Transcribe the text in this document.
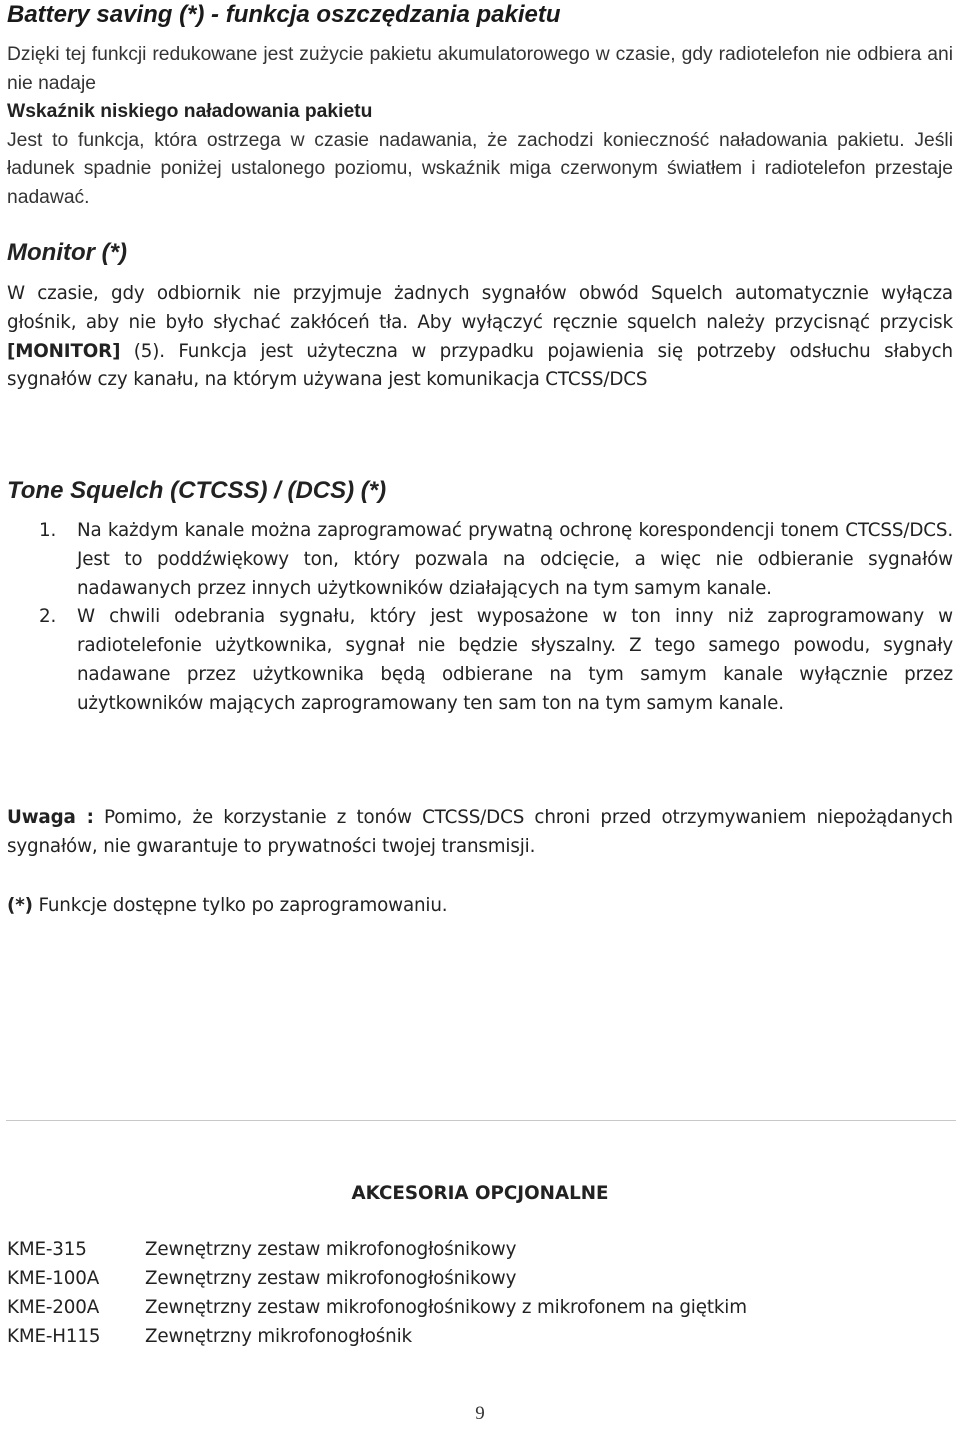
Battery saving (*) - funkcja oszczędzania pakietu
Dzięki tej funkcji redukowane jest zużycie pakietu akumulatorowego w czasie, gdy radiotelefon nie odbiera ani nie nadaje
Wskaźnik niskiego naładowania pakietu
Jest to funkcja, która ostrzega w czasie nadawania, że zachodzi konieczność naładowania pakietu. Jeśli ładunek spadnie poniżej ustalonego poziomu, wskaźnik miga czerwonym światłem i radiotelefon przestaje nadawać.
Monitor (*)

W czasie, gdy odbiornik nie przyjmuje żadnych sygnałów obwód Squelch automatycznie wyłącza głośnik, aby nie było słychać zakłóceń tła. Aby wyłączyć ręcznie squelch należy przycisnąć przycisk [MONITOR] (5). Funkcja jest użyteczna w przypadku pojawienia się potrzeby odsłuchu słabych sygnałów czy kanału, na którym używana jest komunikacja CTCSS/DCS

Tone Squelch (CTCSS) / (DCS) (*)
1. Na każdym kanale można zaprogramować prywatną ochronę korespondencji tonem CTCSS/DCS. Jest to poddźwiękowy ton, który pozwala na odcięcie, a więc nie odbieranie sygnałów nadawanych przez innych użytkowników działających na tym samym kanale.
2. W chwili odebrania sygnału, który jest wyposażone w ton inny niż zaprogramowany w radiotelefonie użytkownika, sygnał nie będzie słyszalny. Z tego samego powodu, sygnały nadawane przez użytkownika będą odbierane na tym samym kanale wyłącznie przez użytkowników mających zaprogramowany ten sam ton na tym samym kanale.

Uwaga : Pomimo, że korzystanie z tonów CTCSS/DCS chroni przed otrzymywaniem niepożądanych sygnałów, nie gwarantuje to prywatności twojej transmisji.

(*) Funkcje dostępne tylko po zaprogramowaniu.

AKCESORIA OPCJONALNE
KME-315	Zewnętrzny zestaw mikrofonogłośnikowy
KME-100A	Zewnętrzny zestaw mikrofonogłośnikowy
KME-200A	Zewnętrzny zestaw mikrofonogłośnikowy z mikrofonem na giętkim
KME-H115	Zewnętrzny mikrofonogłośnik
9
